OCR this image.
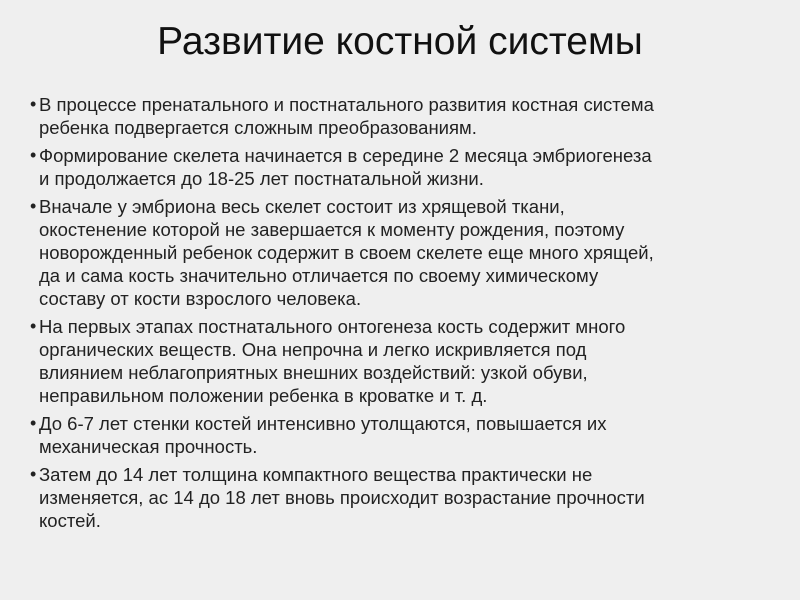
Развитие костной системы
• В процессе пренатального и постнатального развития костная система
ребенка подвергается сложным преобразованиям.
• Формирование скелета начинается в середине 2 месяца эмбриогенеза
и продолжается до 18-25 лет постнатальной жизни.
• Вначале у эмбриона весь скелет состоит из хрящевой ткани,
окостенение которой не завершается к моменту рождения, поэтому
новорожденный ребенок содержит в своем скелете еще много хрящей,
да и сама кость значительно отличается по своему химическому
составу от кости взрослого человека.
• На первых этапах постнатального онтогенеза кость содержит много
органических веществ. Она непрочна и легко искривляется под
влиянием неблагоприятных внешних воздействий: узкой обуви,
неправильном положении ребенка в кроватке и т. д.
• До 6-7 лет стенки костей интенсивно утолщаются, повышается их
механическая прочность.
• Затем до 14 лет толщина компактного вещества практически не
изменяется, ас 14 до 18 лет вновь происходит возрастание прочности
костей.
